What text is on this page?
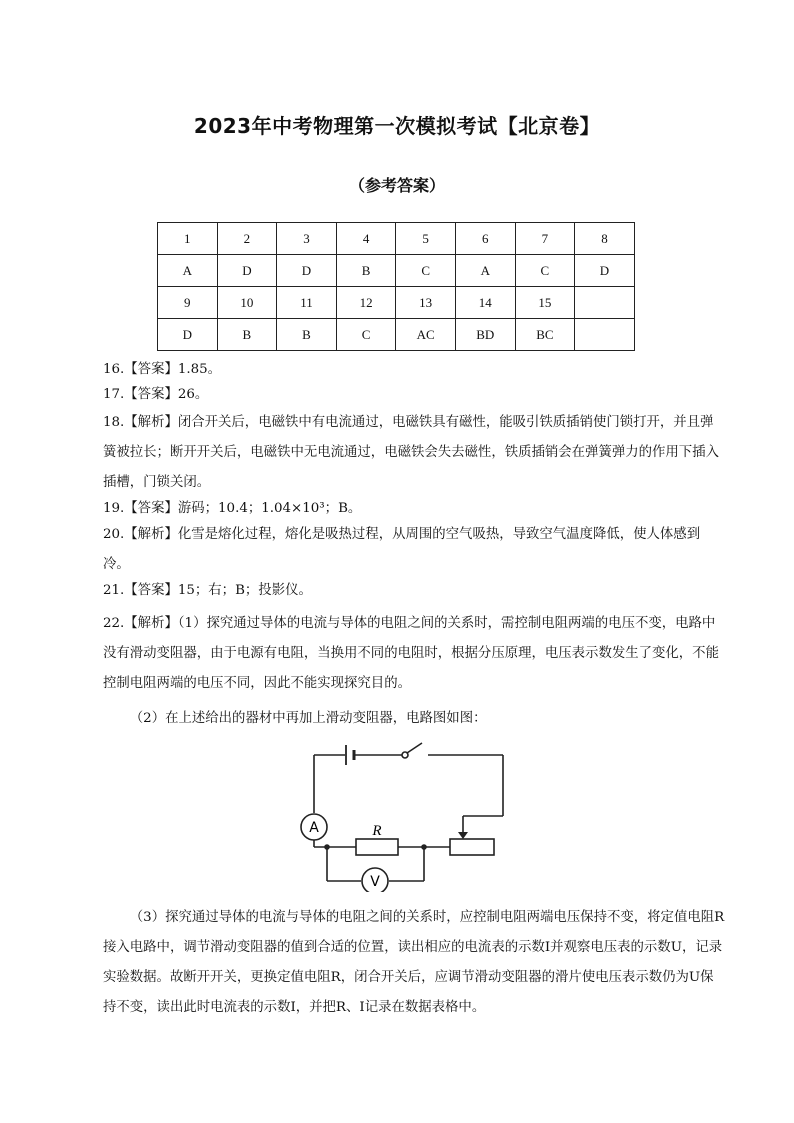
2023年中考物理第一次模拟考试【北京卷】
（参考答案）
1	2	3	4	5	6	7	8
A	D	D	B	C	A	C	D
9	10	11	12	13	14	15	
D	B	B	C	AC	BD	BC	
16.【答案】1.85。
17.【答案】26。
18.【解析】闭合开关后，电磁铁中有电流通过，电磁铁具有磁性，能吸引铁质插销使门锁打开，并且弹簧被拉长；断开开关后，电磁铁中无电流通过，电磁铁会失去磁性，铁质插销会在弹簧弹力的作用下插入插槽，门锁关闭。
19.【答案】游码；10.4；1.04×10³；B。
20.【解析】化雪是熔化过程，熔化是吸热过程，从周围的空气吸热，导致空气温度降低，使人体感到冷。
21.【答案】15；右；B；投影仪。
22.【解析】（1）探究通过导体的电流与导体的电阻之间的关系时，需控制电阻两端的电压不变，电路中没有滑动变阻器，由于电源有电阻，当换用不同的电阻时，根据分压原理，电压表示数发生了变化，不能控制电阻两端的电压不同，因此不能实现探究目的。
（2）在上述给出的器材中再加上滑动变阻器，电路图如图：
A
V
R
（3）探究通过导体的电流与导体的电阻之间的关系时，应控制电阻两端电压保持不变，将定值电阻R接入电路中，调节滑动变阻器的值到合适的位置，读出相应的电流表的示数I并观察电压表的示数U，记录实验数据。故断开开关，更换定值电阻R，闭合开关后，应调节滑动变阻器的滑片使电压表示数仍为U保持不变，读出此时电流表的示数I，并把R、I记录在数据表格中。
